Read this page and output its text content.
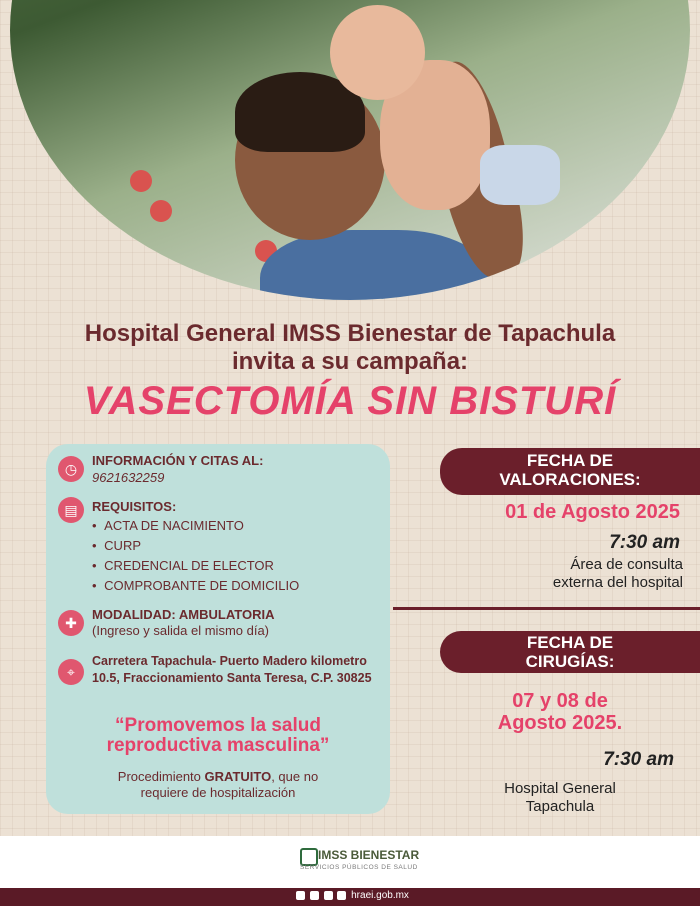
Hospital General IMSS Bienestar de Tapachula
invita a su campaña:
VASECTOMÍA SIN BISTURÍ
◷
INFORMACIÓN Y CITAS AL:
9621632259
▤	REQUISITOS:
• ACTA DE NACIMIENTO
• CURP
• CREDENCIAL DE ELECTOR
• COMPROBANTE DE DOMICILIO
✚
MODALIDAD: AMBULATORIA
(Ingreso y salida el mismo día)
⌖
Carretera Tapachula- Puerto Madero kilometro 10.5, Fraccionamiento Santa Teresa, C.P. 30825
“Promovemos la salud
reproductiva masculina”
Procedimiento GRATUITO, que no
requiere de hospitalización
FECHA DE
VALORACIONES:
01 de Agosto 2025
7:30 am
Área de consulta
externa del hospital
FECHA DE
CIRUGÍAS:
07 y 08 de
Agosto 2025.
7:30 am
Hospital General
Tapachula
IMSS BIENESTAR
SERVICIOS PÚBLICOS DE SALUD
hraei.gob.mx
